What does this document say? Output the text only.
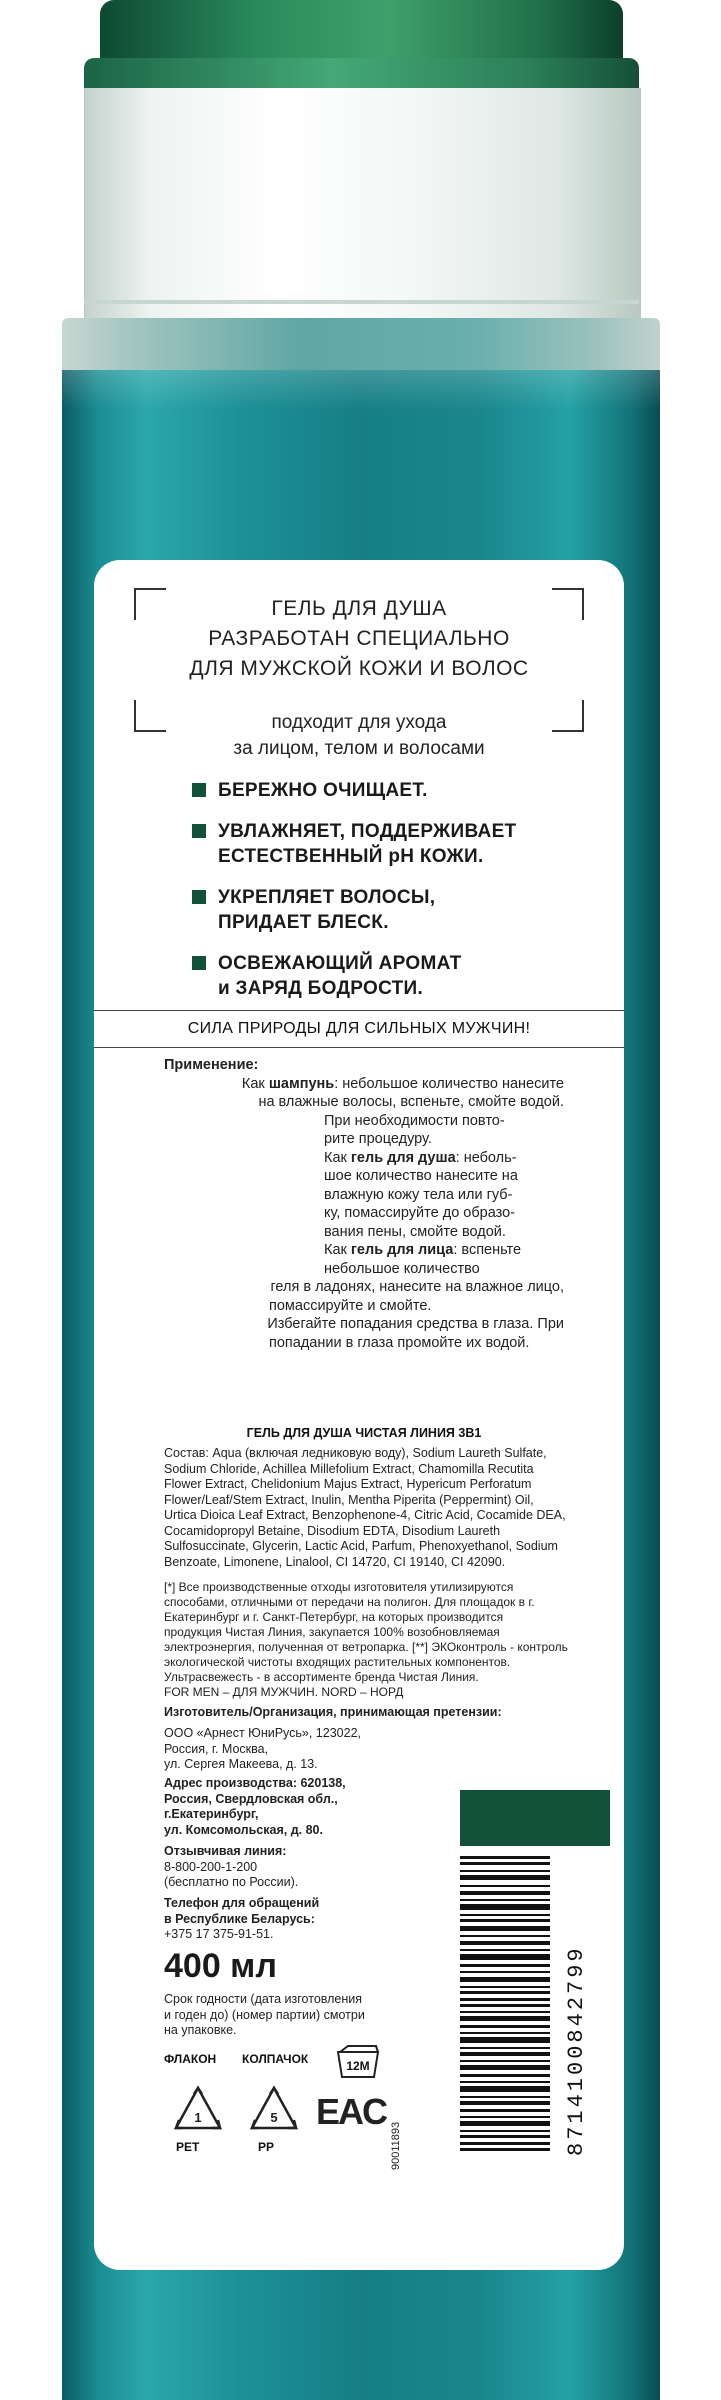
ГЕЛЬ ДЛЯ ДУША
РАЗРАБОТАН СПЕЦИАЛЬНО
ДЛЯ МУЖСКОЙ КОЖИ И ВОЛОС
подходит для ухода
за лицом, телом и волосами
БЕРЕЖНО ОЧИЩАЕТ.
УВЛАЖНЯЕТ, ПОДДЕРЖИВАЕТ
ЕСТЕСТВЕННЫЙ pH КОЖИ.
УКРЕПЛЯЕТ ВОЛОСЫ,
ПРИДАЕТ БЛЕСК.
ОСВЕЖАЮЩИЙ АРОМАТ
и ЗАРЯД БОДРОСТИ.
СИЛА ПРИРОДЫ ДЛЯ СИЛЬНЫХ МУЖЧИН!
Применение:
Как шампунь: небольшое количество нанесите
на влажные волосы, вспеньте, смойте водой.
При необходимости повто-
рите процедуру.
Как гель для душа: неболь-
шое количество нанесите на
влажную кожу тела или губ-
ку, помассируйте до образо-
вания пены, смойте водой.
Как гель для лица: вспеньте
небольшое количество
геля в ладонях, нанесите на влажное лицо,
помассируйте и смойте.
Избегайте попадания средства в глаза. При
попадании в глаза промойте их водой.
ГЕЛЬ ДЛЯ ДУША ЧИСТАЯ ЛИНИЯ 3В1
Состав: Aqua (включая ледниковую воду), Sodium Laureth Sulfate,
Sodium Chloride, Achillea Millefolium Extract, Chamomilla Recutita
Flower Extract, Chelidonium Majus Extract, Hypericum Perforatum
Flower/Leaf/Stem Extract, Inulin, Mentha Piperita (Peppermint) Oil,
Urtica Dioica Leaf Extract, Benzophenone-4, Citric Acid, Cocamide DEA,
Cocamidopropyl Betaine, Disodium EDTA, Disodium Laureth
Sulfosuccinate, Glycerin, Lactic Acid, Parfum, Phenoxyethanol, Sodium
Benzoate, Limonene, Linalool, CI 14720, CI 19140, CI 42090.
[*] Все производственные отходы изготовителя утилизируются
способами, отличными от передачи на полигон. Для площадок в г.
Екатеринбург и г. Санкт-Петербург, на которых производится
продукция Чистая Линия, закупается 100% возобновляемая
электроэнергия, полученная от ветропарка. [**] ЭКОконтроль - контроль
экологической чистоты входящих растительных компонентов.
Ультрасвежесть - в ассортименте бренда Чистая Линия.
FOR MEN – ДЛЯ МУЖЧИН. NORD – НОРД
Изготовитель/Организация, принимающая претензии:
ООО «Арнест ЮниРусь», 123022,
Россия, г. Москва,
ул. Сергея Макеева, д. 13.
Адрес производства: 620138,
Россия, Свердловская обл.,
г.Екатеринбург,
ул. Комсомольская, д. 80.
Отзывчивая линия:
8-800-200-1-200
(бесплатно по России).
Телефон для обращений
в Республике Беларусь:
+375 17 375-91-51.
400 мл
Срок годности (дата изготовления
и годен до) (номер партии) смотри
на упаковке.
ФЛАКОН КОЛПАЧОК	12M
1
PET
5
PP
EAC
90011893	8714100842799
